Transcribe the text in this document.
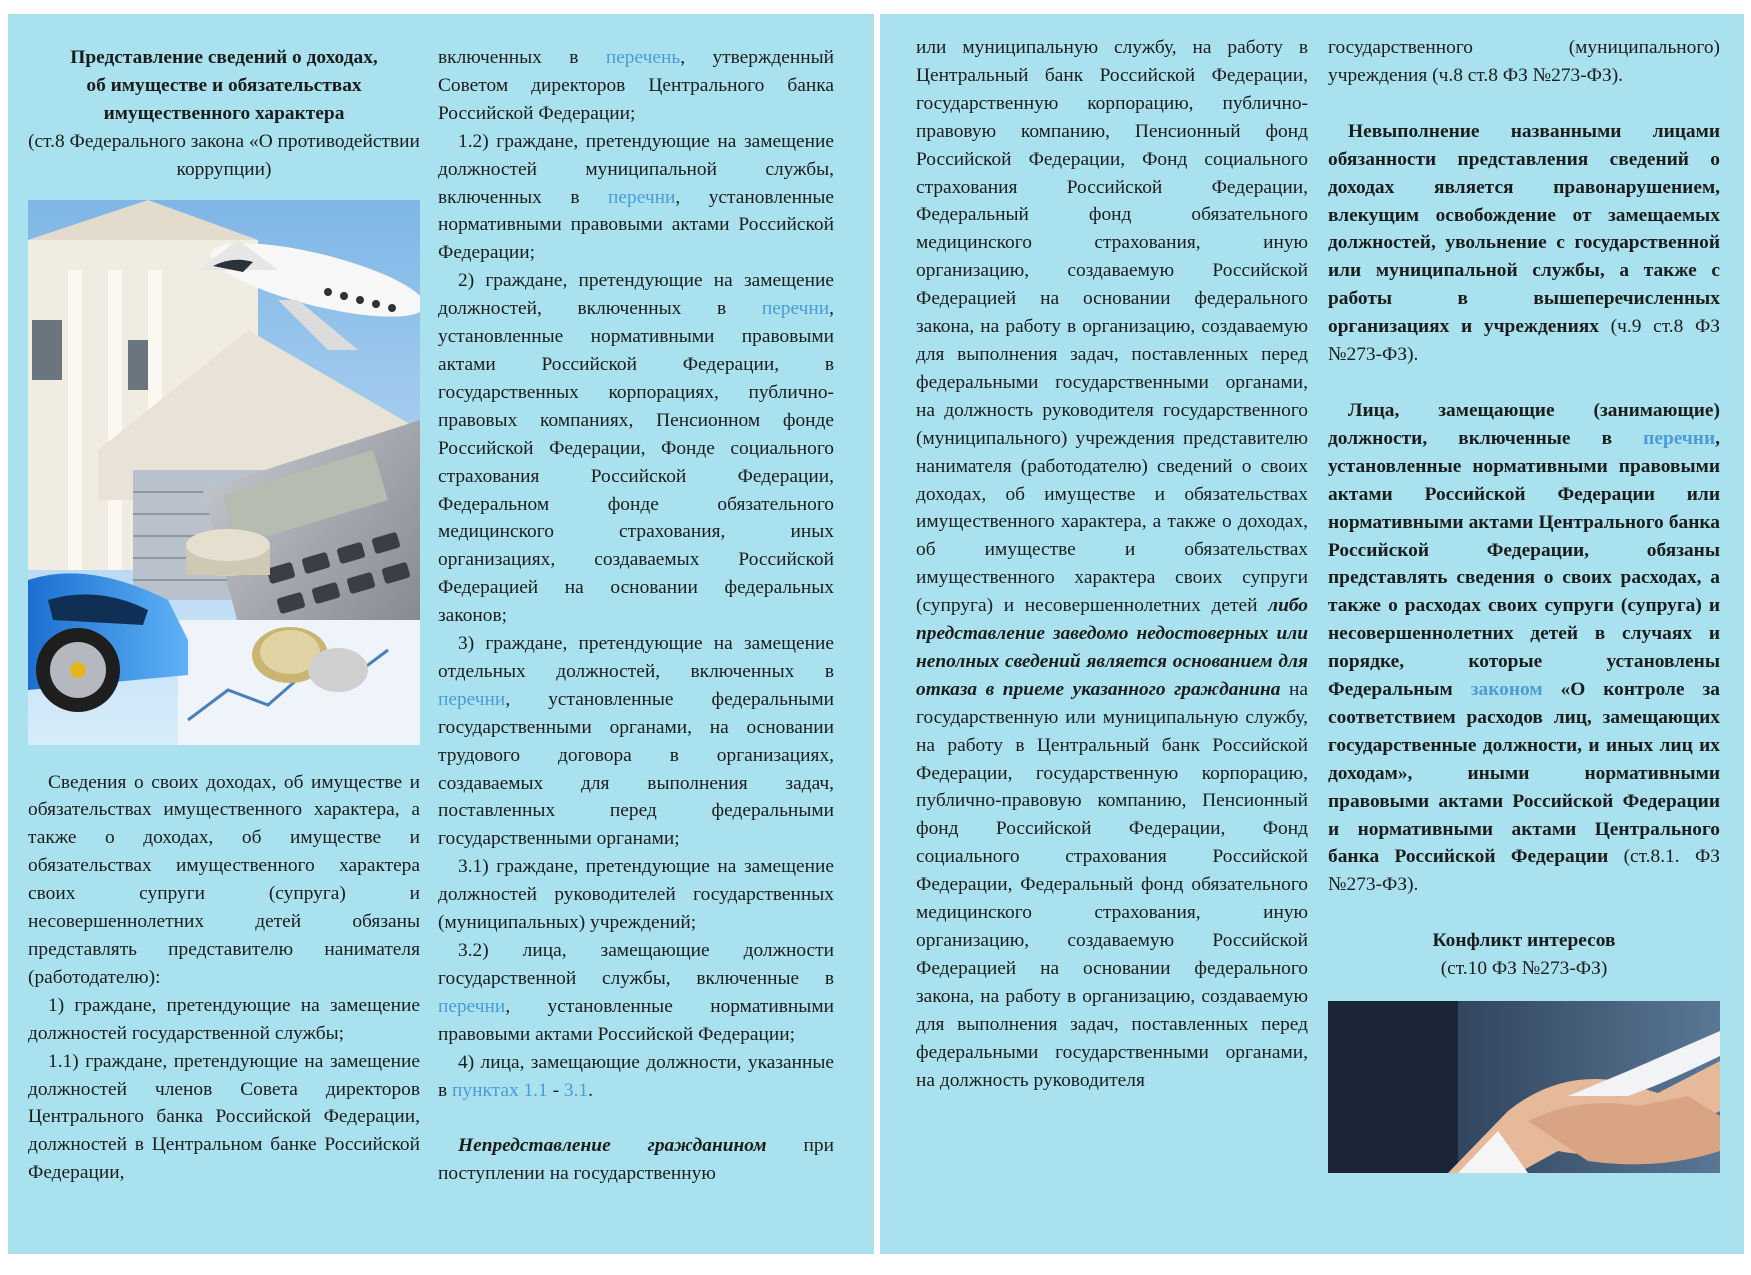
Представление сведений о доходах,
об имуществе и обязательствах
имущественного характера
(ст.8 Федерального закона «О противодействии коррупции)

Сведения о своих доходах, об имуществе и обязательствах имущественного характера, а также о доходах, об имуществе и обязательствах имущественного характера своих супруги (супруга) и несовершеннолетних детей обязаны представлять представителю нанимателя (работодателю):

1) граждане, претендующие на замещение должностей государственной службы;

1.1) граждане, претендующие на замещение должностей членов Совета директоров Центрального банка Российской Федерации, должностей в Центральном банке Российской Федерации,

включенных в перечень, утвержденный Советом директоров Центрального банка Российской Федерации;

1.2) граждане, претендующие на замещение должностей муниципальной службы, включенных в перечни, установленные нормативными правовыми актами Российской Федерации;

2) граждане, претендующие на замещение должностей, включенных в перечни, установленные нормативными правовыми актами Российской Федерации, в государственных корпорациях, публично-правовых компаниях, Пенсионном фонде Российской Федерации, Фонде социального страхования Российской Федерации, Федеральном фонде обязательного медицинского страхования, иных организациях, создаваемых Российской Федерацией на основании федеральных законов;

3) граждане, претендующие на замещение отдельных должностей, включенных в перечни, установленные федеральными государственными органами, на основании трудового договора в организациях, создаваемых для выполнения задач, поставленных перед федеральными государственными органами;

3.1) граждане, претендующие на замещение должностей руководителей государственных (муниципальных) учреждений;

3.2) лица, замещающие должности государственной службы, включенные в перечни, установленные нормативными правовыми актами Российской Федерации;

4) лица, замещающие должности, указанные в пунктах 1.1 - 3.1.

Непредставление гражданином при поступлении на государственную

или муниципальную службу, на работу в Центральный банк Российской Федерации, государственную корпорацию, публично-правовую компанию, Пенсионный фонд Российской Федерации, Фонд социального страхования Российской Федерации, Федеральный фонд обязательного медицинского страхования, иную организацию, создаваемую Российской Федерацией на основании федерального закона, на работу в организацию, создаваемую для выполнения задач, поставленных перед федеральными государственными органами, на должность руководителя государственного (муниципального) учреждения представителю нанимателя (работодателю) сведений о своих доходах, об имуществе и обязательствах имущественного характера, а также о доходах, об имуществе и обязательствах имущественного характера своих супруги (супруга) и несовершеннолетних детей либо представление заведомо недостоверных или неполных сведений является основанием для отказа в приеме указанного гражданина на государственную или муниципальную службу, на работу в Центральный банк Российской Федерации, государственную корпорацию, публично-правовую компанию, Пенсионный фонд Российской Федерации, Фонд социального страхования Российской Федерации, Федеральный фонд обязательного медицинского страхования, иную организацию, создаваемую Российской Федерацией на основании федерального закона, на работу в организацию, создаваемую для выполнения задач, поставленных перед федеральными государственными органами, на должность руководителя

государственного (муниципального) учреждения (ч.8 ст.8 ФЗ №273-ФЗ).

Невыполнение названными лицами обязанности представления сведений о доходах является правонарушением, влекущим освобождение от замещаемых должностей, увольнение с государственной или муниципальной службы, а также с работы в вышеперечисленных организациях и учреждениях (ч.9 ст.8 ФЗ №273-ФЗ).

Лица, замещающие (занимающие) должности, включенные в перечни, установленные нормативными правовыми актами Российской Федерации или нормативными актами Центрального банка Российской Федерации, обязаны представлять сведения о своих расходах, а также о расходах своих супруги (супруга) и несовершеннолетних детей в случаях и порядке, которые установлены Федеральным законом «О контроле за соответствием расходов лиц, замещающих государственные должности, и иных лиц их доходам», иными нормативными правовыми актами Российской Федерации и нормативными актами Центрального банка Российской Федерации (ст.8.1. ФЗ №273-ФЗ).

Конфликт интересов
(ст.10 ФЗ №273-ФЗ)
